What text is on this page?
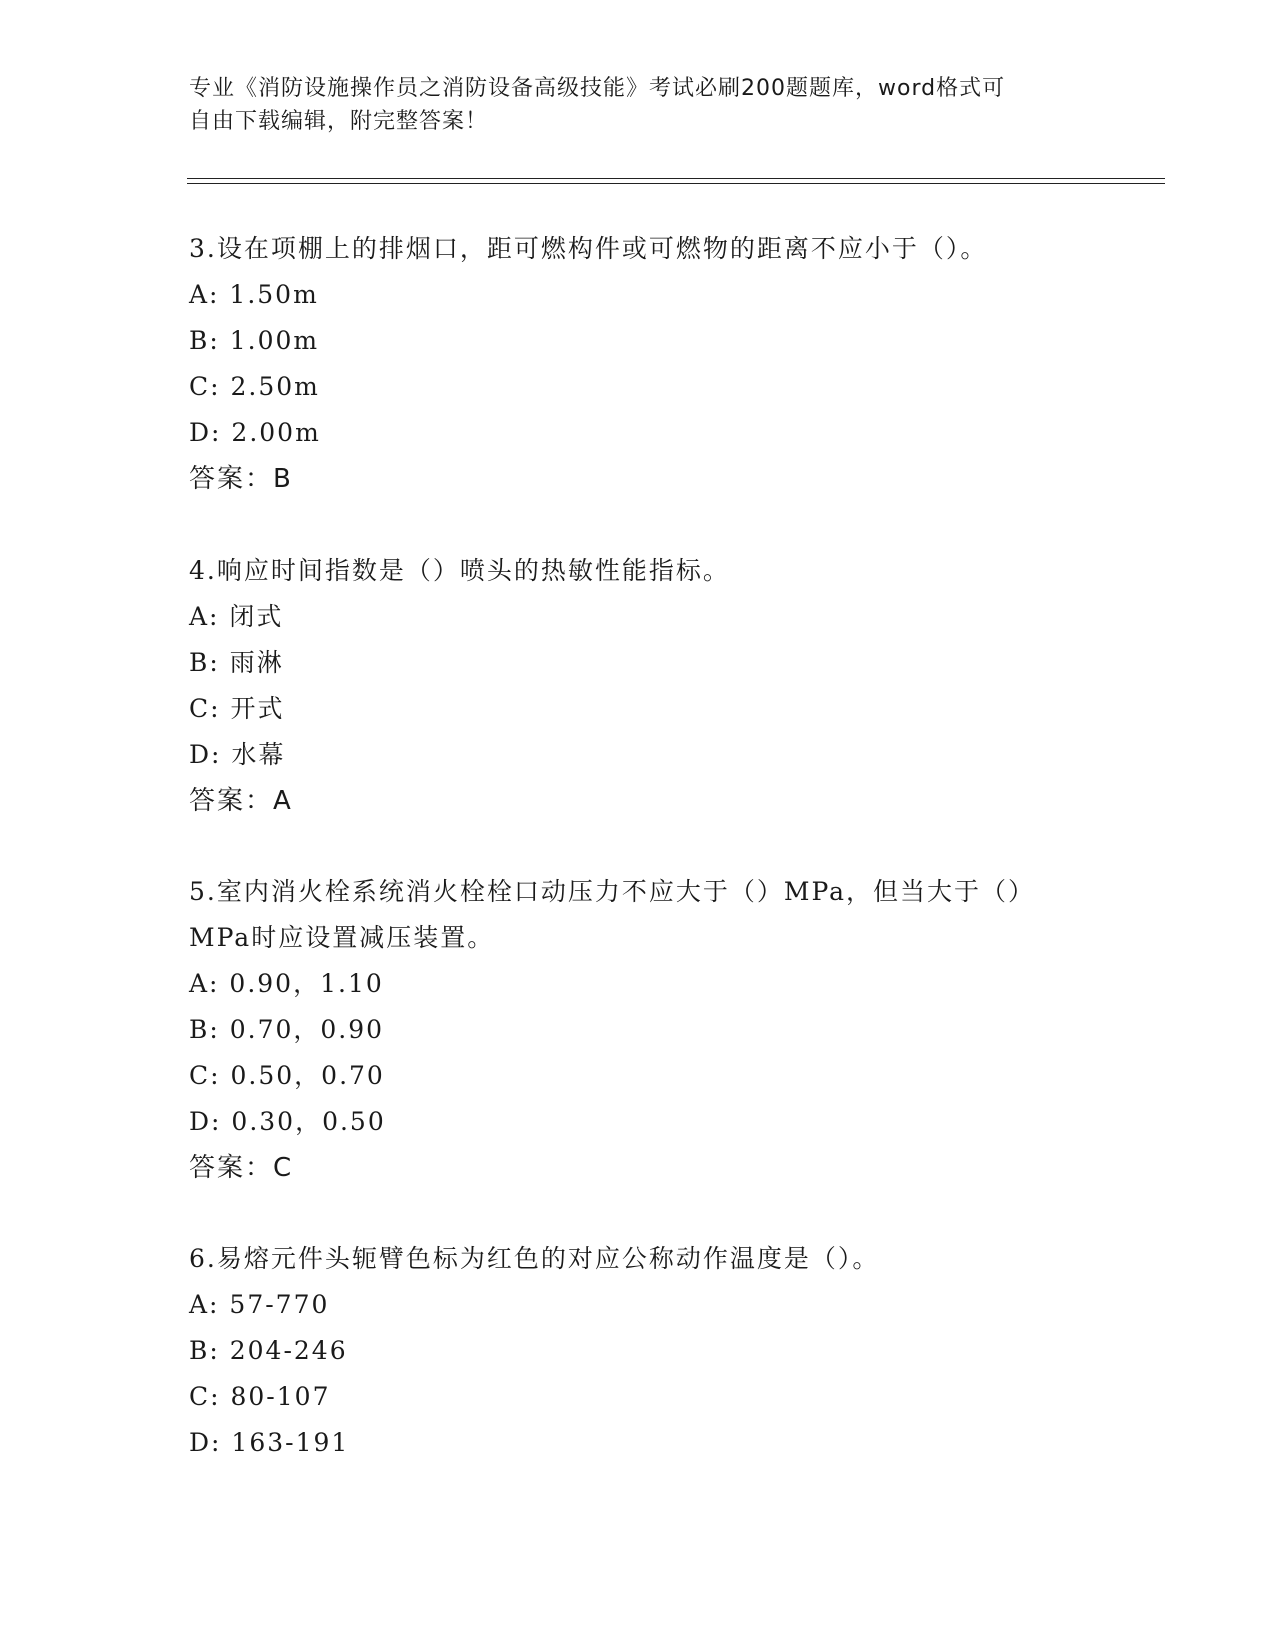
专业《消防设施操作员之消防设备高级技能》考试必刷200题题库，word格式可
自由下载编辑，附完整答案！

3.设在项棚上的排烟口，距可燃构件或可燃物的距离不应小于（）。

A: 1.50m

B: 1.00m

C: 2.50m

D: 2.00m

答案：B

4.响应时间指数是（）喷头的热敏性能指标。

A: 闭式

B: 雨淋

C: 开式

D: 水幕

答案：A

5.室内消火栓系统消火栓栓口动压力不应大于（）MPa，但当大于（）

MPa时应设置减压装置。

A: 0.90，1.10

B: 0.70，0.90

C: 0.50，0.70

D: 0.30，0.50

答案：C

6.易熔元件头轭臂色标为红色的对应公称动作温度是（）。

A: 57-770

B: 204-246

C: 80-107

D: 163-191
